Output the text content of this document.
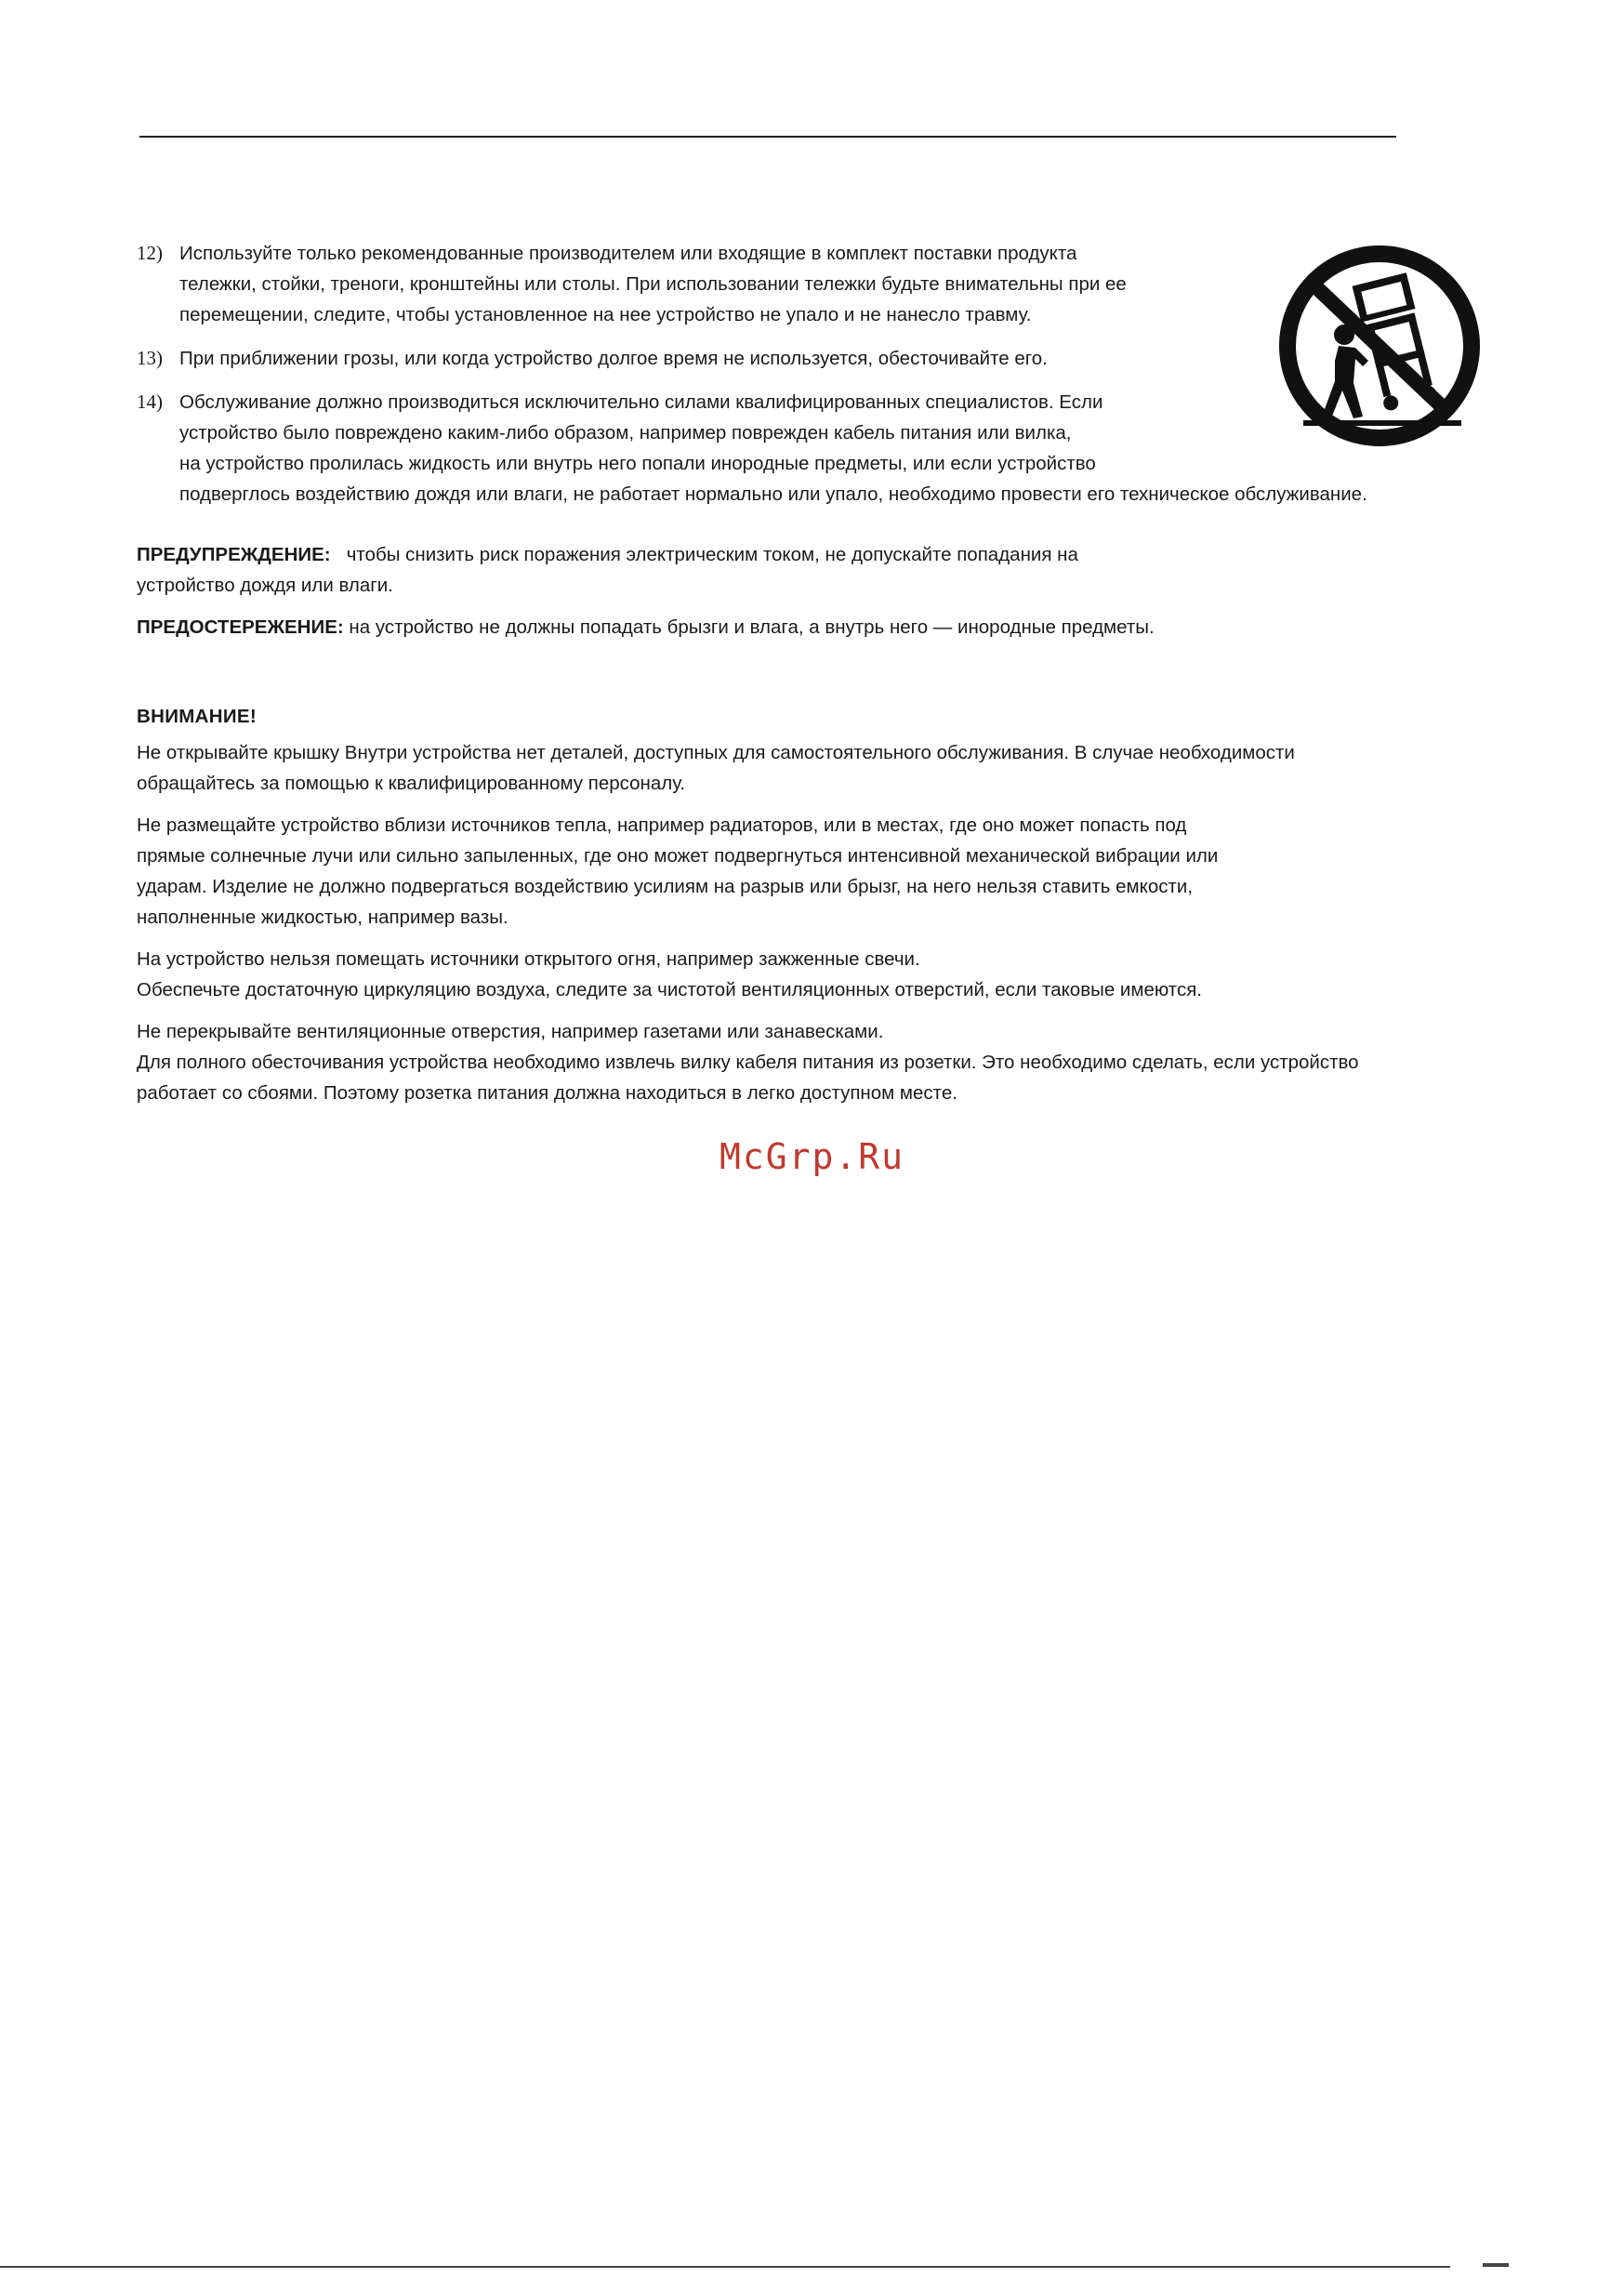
12) Используйте только рекомендованные производителем или входящие в комплект поставки продукта
тележки, стойки, треноги, кронштейны или столы. При использовании тележки будьте внимательны при ее
перемещении, следите, чтобы установленное на нее устройство не упало и не нанесло травму.
13) При приближении грозы, или когда устройство долгое время не используется, обесточивайте его.
14) Обслуживание должно производиться исключительно силами квалифицированных специалистов. Если
устройство было повреждено каким-либо образом, например поврежден кабель питания или вилка,
на устройство пролилась жидкость или внутрь него попали инородные предметы, или если устройство
подверглось воздействию дождя или влаги, не работает нормально или упало, необходимо провести его техническое обслуживание.
ПРЕДУПРЕЖДЕНИЕ: чтобы снизить риск поражения электрическим током, не допускайте попадания на
устройство дождя или влаги.
ПРЕДОСТЕРЕЖЕНИЕ: на устройство не должны попадать брызги и влага, а внутрь него — инородные предметы.
ВНИМАНИЕ!
Не открывайте крышку Внутри устройства нет деталей, доступных для самостоятельного обслуживания. В случае необходимости
обращайтесь за помощью к квалифицированному персоналу.
Не размещайте устройство вблизи источников тепла, например радиаторов, или в местах, где оно может попасть под
прямые солнечные лучи или сильно запыленных, где оно может подвергнуться интенсивной механической вибрации или
ударам. Изделие не должно подвергаться воздействию усилиям на разрыв или брызг, на него нельзя ставить емкости,
наполненные жидкостью, например вазы.
На устройство нельзя помещать источники открытого огня, например зажженные свечи.
Обеспечьте достаточную циркуляцию воздуха, следите за чистотой вентиляционных отверстий, если таковые имеются.
Не перекрывайте вентиляционные отверстия, например газетами или занавесками.
Для полного обесточивания устройства необходимо извлечь вилку кабеля питания из розетки. Это необходимо сделать, если устройство
работает со сбоями. Поэтому розетка питания должна находиться в легко доступном месте.
McGrp.Ru
